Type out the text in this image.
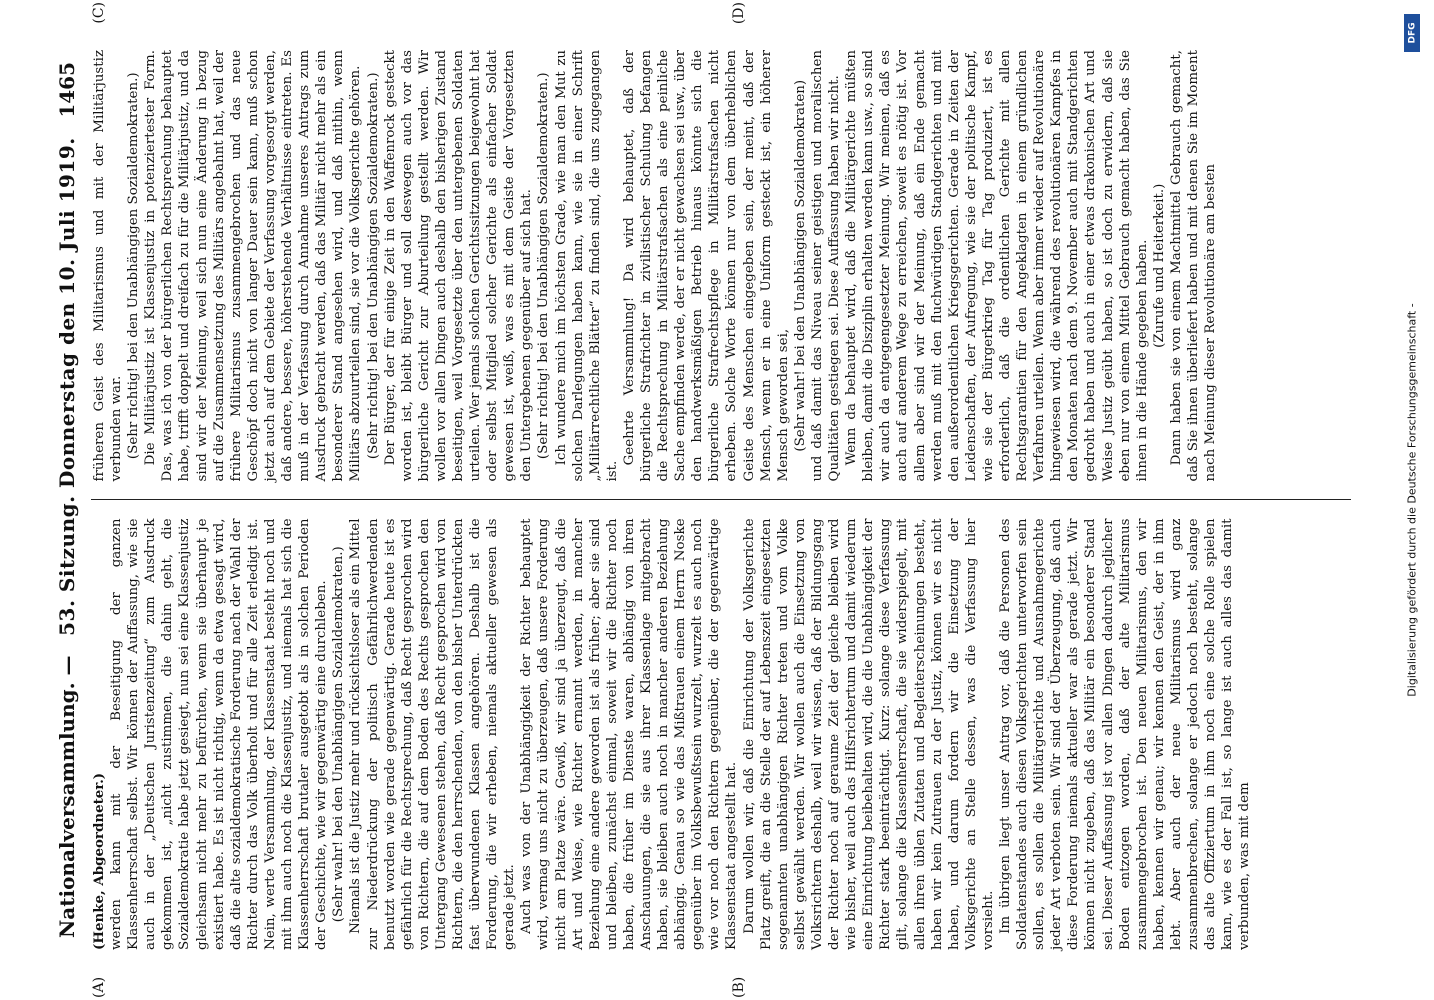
Nationalversammlung. —
53. Sitzung. Donnerstag den 10. Juli 1919.
1465
(A)	(B)

(Henke, Abgeordneter.) werden kann mit der Beseitigung der ganzen Klassenherrschaft selbst. Wir können der Auffassung, wie sie auch in der „Deutschen Juristenzeitung“ zum Ausdruck gekommen ist, „nicht zustimmen, die dahin geht, die Sozialdemokratie habe jetzt gesiegt, nun sei eine Klassenjustiz gleichsam nicht mehr zu befürchten, wenn sie überhaupt je existiert habe. Es ist nicht richtig, wenn da etwa gesagt wird, daß die alte sozialdemokratische Forderung nach der Wahl der Richter durch das Volk überholt und für alle Zeit erledigt ist. Nein, werte Versammlung, der Klassenstaat besteht noch und mit ihm auch noch die Klassenjustiz, und niemals hat sich die Klassenherrschaft brutaler ausgetobt als in solchen Perioden der Geschichte, wie wir gegenwärtig eine durchleben. (Sehr wahr! bei den Unabhängigen Sozialdemokraten.) Niemals ist die Justiz mehr und rücksichtsloser als ein Mittel zur Niederdrückung der politisch Gefährlichwerdenden benutzt worden wie gerade gegenwärtig. Gerade heute ist es gefährlich für die Rechtsprechung, daß Recht gesprochen wird von Richtern, die auf dem Boden des Rechts gesprochen den Untergang Gewesenen stehen, daß Recht gesprochen wird von Richtern, die den herrschenden, von den bisher Unterdrückten fast überwundenen Klassen angehören. Deshalb ist die Forderung, die wir erheben, niemals aktueller gewesen als gerade jetzt. Auch was von der Unabhängigkeit der Richter behauptet wird, vermag uns nicht zu überzeugen, daß unsere Forderung nicht am Platze wäre. Gewiß, wir sind ja überzeugt, daß die Art und Weise, wie Richter ernannt werden, in mancher Beziehung eine andere geworden ist als früher; aber sie sind und bleiben, zunächst einmal, soweit wir die Richter noch haben, die früher im Dienste waren, abhängig von ihren Anschauungen, die sie aus ihrer Klassenlage mitgebracht haben, sie bleiben auch noch in mancher anderen Beziehung abhängig. Genau so wie das Mißtrauen einem Herrn Noske gegenüber im Volksbewußtsein wurzelt, wurzelt es auch noch wie vor noch den Richtern gegenüber, die der gegenwärtige Klassenstaat angestellt hat. Darum wollen wir, daß die Einrichtung der Volksgerichte Platz greift, die an die Stelle der auf Lebenszeit eingesetzten sogenannten unabhängigen Richter treten und vom Volke selbst gewählt werden. Wir wollen auch die Einsetzung von Volksrichtern deshalb, weil wir wissen, daß der Bildungsgang der Richter noch auf geraume Zeit der gleiche bleiben wird wie bisher, weil auch das Hilfsrichtertum und damit wiederum eine Einrichtung beibehalten wird, die die Unabhängigkeit der Richter stark beeinträchtigt. Kurz: solange diese Verfassung gilt, solange die Klassenherrschaft, die sie widerspiegelt, mit allen ihren üblen Zutaten und Begleiterscheinungen besteht, haben wir kein Zutrauen zu der Justiz, können wir es nicht haben, und darum fordern wir die Einsetzung der Volksgerichte an Stelle dessen, was die Verfassung hier vorsieht. Im übrigen liegt unser Antrag vor, daß die Personen des Soldatenstandes auch diesen Volksgerichten unterworfen sein sollen, es sollen die Militärgerichte und Ausnahmegerichte jeder Art verboten sein. Wir sind der Überzeugung, daß auch diese Forderung niemals aktueller war als gerade jetzt. Wir können nicht zugeben, daß das Militär ein besonderer Stand sei. Dieser Auffassung ist vor allen Dingen dadurch jeglicher Boden entzogen worden, daß der alte Militarismus zusammengebrochen ist. Den neuen Militarismus, den wir haben, kennen wir genau; wir kennen den Geist, der in ihm lebt. Aber auch der neue Militarismus wird ganz zusammenbrechen, solange er jedoch noch besteht, solange das alte Offiziertum in ihm noch eine solche Rolle spielen kann, wie es der Fall ist, so lange ist auch alles das damit verbunden, was mit dem

(C)	(D)

früheren Geist des Militarismus und mit der Militärjustiz verbunden war. (Sehr richtig! bei den Unabhängigen Sozialdemokraten.) Die Militärjustiz ist Klassenjustiz in potenziertester Form. Das, was ich von der bürgerlichen Rechtsprechung behauptet habe, trifft doppelt und dreifach zu für die Militärjustiz, und da sind wir der Meinung, weil sich nun eine Änderung in bezug auf die Zusammensetzung des Militärs angebahnt hat, weil der frühere Militarismus zusammengebrochen und das neue Geschöpf doch nicht von langer Dauer sein kann, muß schon jetzt auch auf dem Gebiete der Verfassung vorgesorgt werden, daß andere, bessere, höherstehende Verhältnisse eintreten. Es muß in der Verfassung durch Annahme unseres Antrags zum Ausdruck gebracht werden, daß das Militär nicht mehr als ein besonderer Stand angesehen wird, und daß mithin, wenn Militärs abzuurteilen sind, sie vor die Volksgerichte gehören. (Sehr richtig! bei den Unabhängigen Sozialdemokraten.) Der Bürger, der für einige Zeit in den Waffenrock gesteckt worden ist, bleibt Bürger und soll deswegen auch vor das bürgerliche Gericht zur Aburteilung gestellt werden. Wir wollen vor allen Dingen auch deshalb den bisherigen Zustand beseitigen, weil Vorgesetzte über den untergebenen Soldaten urteilen. Wer jemals solchen Gerichtssitzungen beigewohnt hat oder selbst Mitglied solcher Gerichte als einfacher Soldat gewesen ist, weiß, was es mit dem Geiste der Vorgesetzten den Untergebenen gegenüber auf sich hat. (Sehr richtig! bei den Unabhängigen Sozialdemokraten.) Ich wundere mich im höchsten Grade, wie man den Mut zu solchen Darlegungen haben kann, wie sie in einer Schrift „Militärrechtliche Blätter“ zu finden sind, die uns zugegangen ist.

Geehrte Versammlung! Da wird behauptet, daß der bürgerliche Strafrichter in zivilistischer Schulung befangen die Rechtsprechung in Militärstrafsachen als eine peinliche Sache empfinden werde, der er nicht gewachsen sei usw., über den handwerksmäßigen Betrieb hinaus könnte sich die bürgerliche Strafrechtspflege in Militärstrafsachen nicht erheben. Solche Worte können nur von dem überheblichen Geiste des Menschen eingegeben sein, der meint, daß der Mensch, wenn er in eine Uniform gesteckt ist, ein höherer Mensch geworden sei, (Sehr wahr! bei den Unabhängigen Sozialdemokraten) und daß damit das Niveau seiner geistigen und moralischen Qualitäten gestiegen sei. Diese Auffassung haben wir nicht. Wenn da behauptet wird, daß die Militärgerichte müßten bleiben, damit die Disziplin erhalten werden kann usw., so sind wir auch da entgegengesetzter Meinung. Wir meinen, daß es auch auf anderem Wege zu erreichen, soweit es nötig ist. Vor allem aber sind wir der Meinung, daß ein Ende gemacht werden muß mit den fluchwürdigen Standgerichten und mit den außerordentlichen Kriegsgerichten. Gerade in Zeiten der Leidenschaften, der Aufregung, wie sie der politische Kampf, wie sie der Bürgerkrieg Tag für Tag produziert, ist es erforderlich, daß die ordentlichen Gerichte mit allen Rechtsgarantien für den Angeklagten in einem gründlichen Verfahren urteilen. Wenn aber immer wieder auf Revolutionäre hingewiesen wird, die während des revolutionären Kampfes in den Monaten nach dem 9. November auch mit Standgerichten gedroht haben und auch in einer etwas drakonischen Art und Weise Justiz geübt haben, so ist doch zu erwidern, daß sie eben nur von einem Mittel Gebrauch gemacht haben, das Sie ihnen in die Hände gegeben haben. (Zurufe und Heiterkeit.) Dann haben sie von einem Machtmittel Gebrauch gemacht, daß Sie ihnen überliefert haben und mit denen Sie im Moment nach Meinung dieser Revolutionäre am besten	Digitalisierung gefördert durch die Deutsche Forschungsgemeinschaft -
DFG
